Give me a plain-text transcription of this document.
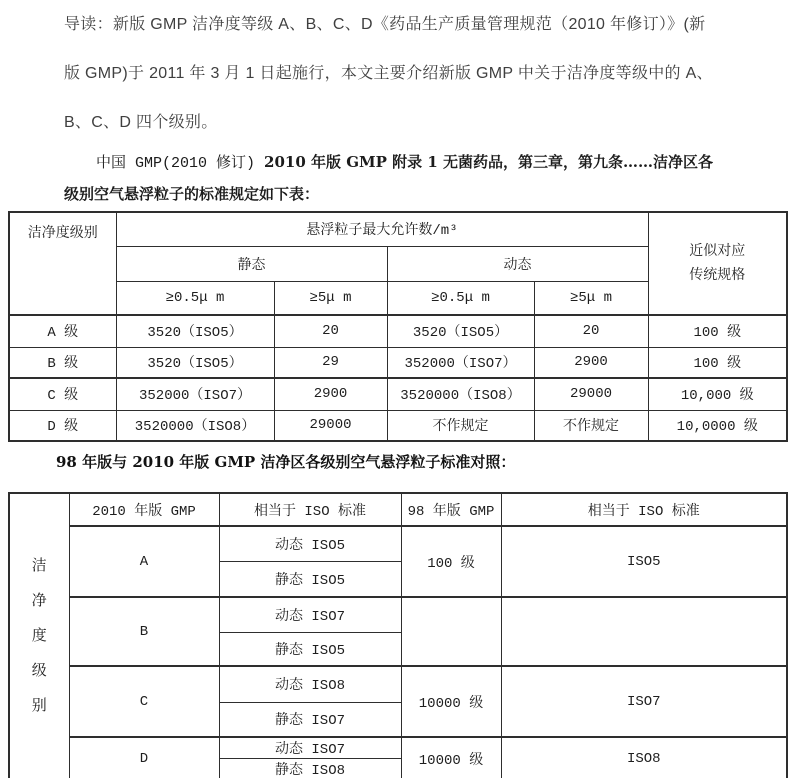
导读：新版 GMP 洁净度等级 A、B、C、D《药品生产质量管理规范（2010 年修订）》(新
版 GMP)于 2011 年 3 月 1 日起施行，本文主要介绍新版 GMP 中关于洁净度等级中的 A、
B、C、D 四个级别。
中国 GMP(2010 修订) 2010 年版 GMP 附录 1 无菌药品，第三章，第九条……洁净区各
级别空气悬浮粒子的标准规定如下表：
洁净度级别	悬浮粒子最大允许数/m³				近似对应
传统规格

	静态		动态		
	≥0.5μ m	≥5μ m	≥0.5μ m	≥5μ m	
A 级	3520（ISO5）	20	3520（ISO5）	20	100 级
B 级	3520（ISO5）	29	352000（ISO7）	2900	100 级
C 级	352000（ISO7）	2900	3520000（ISO8）	29000	10,000 级
D 级	3520000（ISO8）	29000	不作规定	不作规定	10,0000 级
98 年版与 2010 年版 GMP 洁净区各级别空气悬浮粒子标准对照：
洁
净
度
级
别	2010 年版 GMP	相当于 ISO 标准	98 年版 GMP	相当于 ISO 标准
	A	动态 ISO5	100 级	ISO5
		静态 ISO5		
	B	动态 ISO7		
		静态 ISO5		
	C	动态 ISO8	10000 级	ISO7
		静态 ISO7		
	D	动态 ISO7	10000 级	ISO8
		静态 ISO8		
